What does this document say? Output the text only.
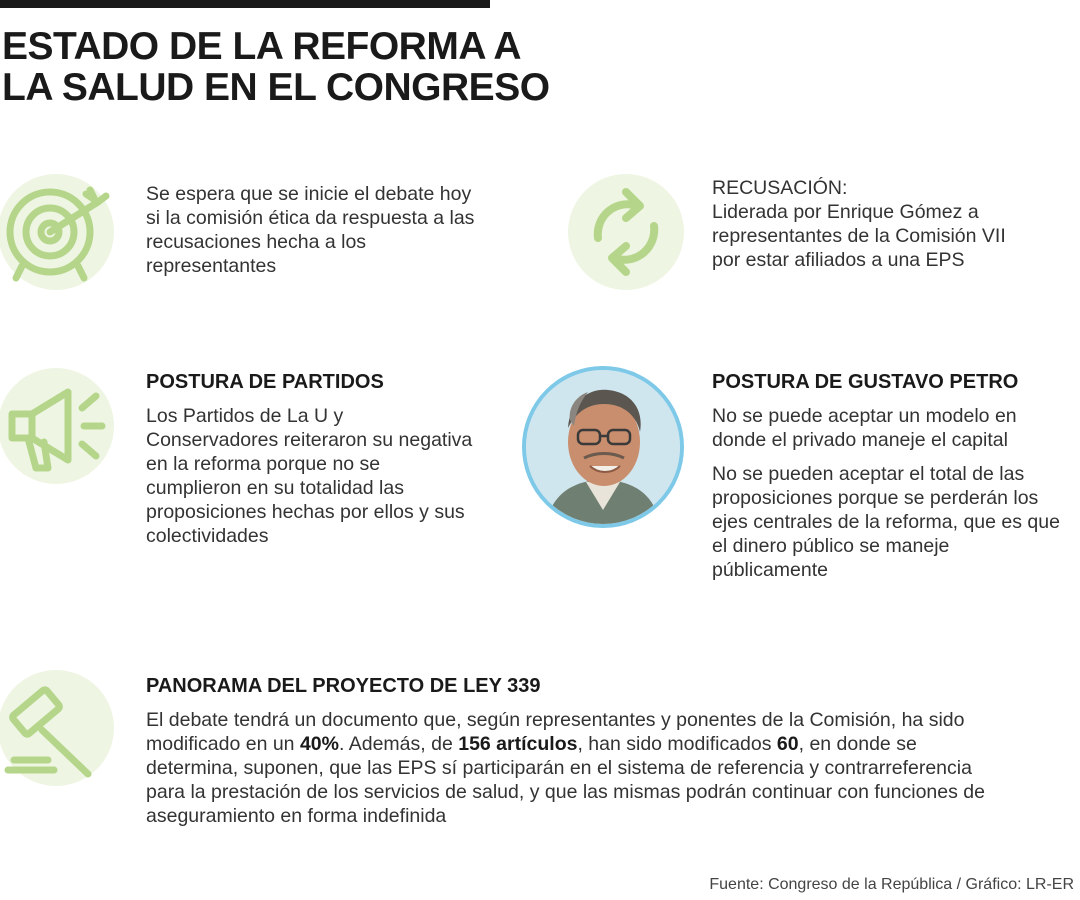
ESTADO DE LA REFORMA A LA SALUD EN EL CONGRESO

Se espera que se inicie el debate hoy si la comisión ética da respuesta a las recusaciones hecha a los representantes

RECUSACIÓN:

Liderada por Enrique Gómez a representantes de la Comisión VII por estar afiliados a una EPS

POSTURA DE PARTIDOS

Los Partidos de La U y Conservadores reiteraron su negativa en la reforma porque no se cumplieron en su totalidad las proposiciones hechas por ellos y sus colectividades

POSTURA DE GUSTAVO PETRO

No se puede aceptar un modelo en donde el privado maneje el capital

No se pueden aceptar el total de las proposiciones porque se perderán los ejes centrales de la reforma, que es que el dinero público se maneje públicamente

PANORAMA DEL PROYECTO DE LEY 339

El debate tendrá un documento que, según representantes y ponentes de la Comisión, ha sido modificado en un 40%. Además, de 156 artículos, han sido modificados 60, en donde se determina, suponen, que las EPS sí participarán en el sistema de referencia y contrarreferencia para la prestación de los servicios de salud, y que las mismas podrán continuar con funciones de aseguramiento en forma indefinida

Fuente: Congreso de la República / Gráfico: LR-ER
